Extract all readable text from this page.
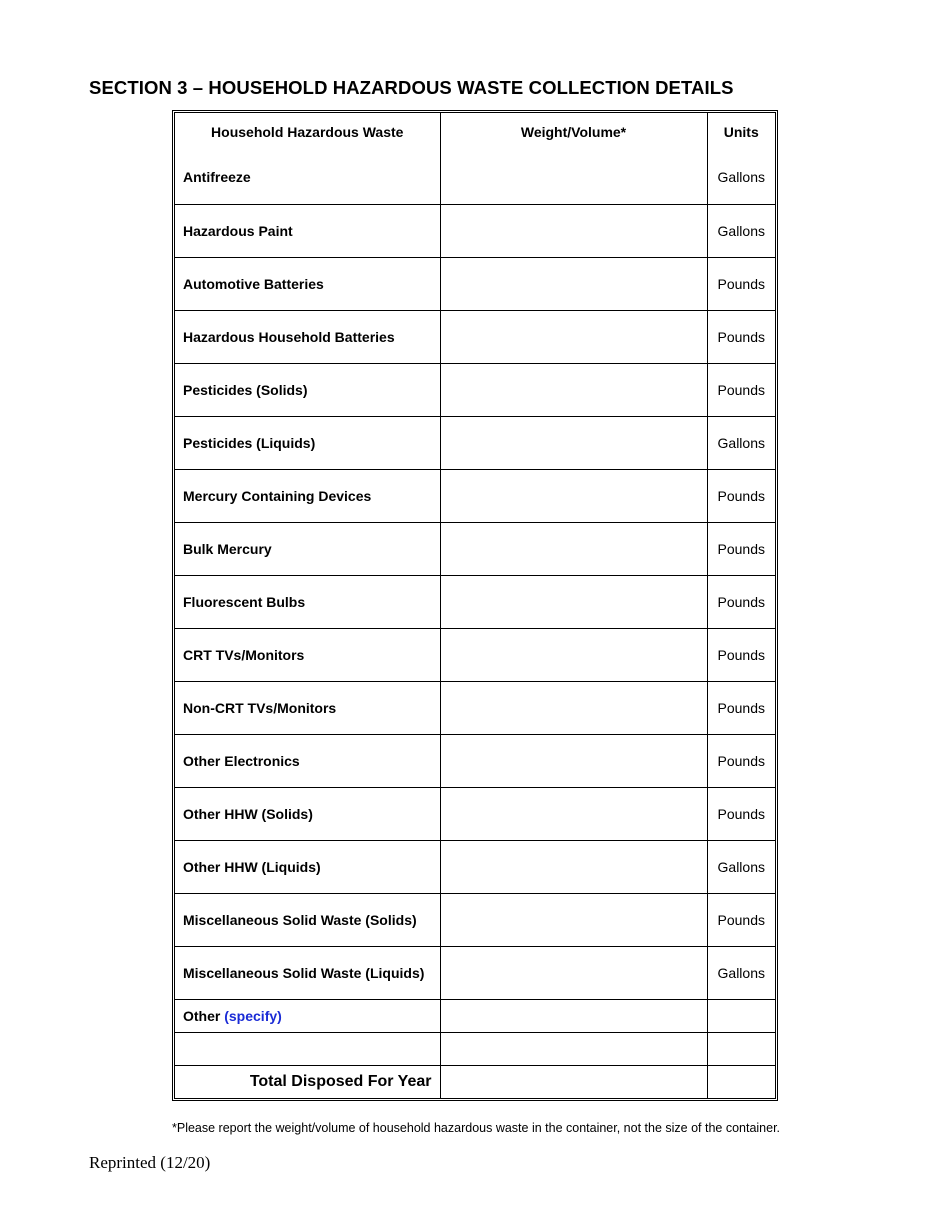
SECTION 3 – HOUSEHOLD HAZARDOUS WASTE COLLECTION DETAILS
Household Hazardous Waste	Weight/Volume*	Units
Antifreeze		Gallons
Hazardous Paint		Gallons
Automotive Batteries		Pounds
Hazardous Household Batteries		Pounds
Pesticides (Solids)		Pounds
Pesticides (Liquids)		Gallons
Mercury Containing Devices		Pounds
Bulk Mercury		Pounds
Fluorescent Bulbs		Pounds
CRT TVs/Monitors		Pounds
Non-CRT TVs/Monitors		Pounds
Other Electronics		Pounds
Other HHW (Solids)		Pounds
Other HHW (Liquids)		Gallons
Miscellaneous Solid Waste (Solids)		Pounds
Miscellaneous Solid Waste (Liquids)		Gallons
Other (specify)		

Total Disposed For Year		
*Please report the weight/volume of household hazardous waste in the container, not the size of the container.
Reprinted (12/20)
